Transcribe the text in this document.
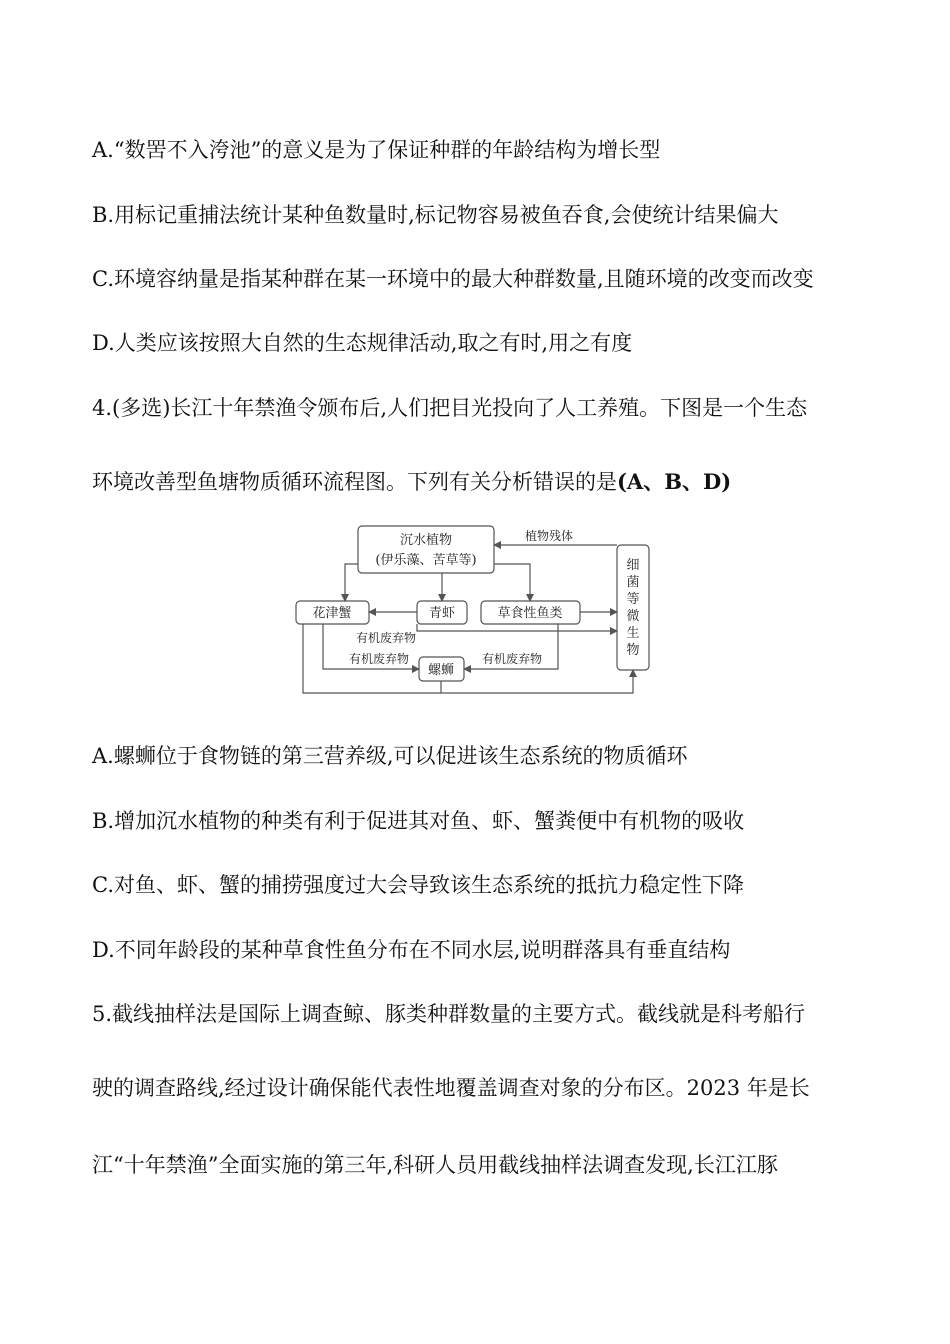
A.“数罟不入洿池”的意义是为了保证种群的年龄结构为增长型
B.用标记重捕法统计某种鱼数量时,标记物容易被鱼吞食,会使统计结果偏大
C.环境容纳量是指某种群在某一环境中的最大种群数量,且随环境的改变而改变
D.人类应该按照大自然的生态规律活动,取之有时,用之有度
4.(多选)长江十年禁渔令颁布后,人们把目光投向了人工养殖。下图是一个生态
环境改善型鱼塘物质循环流程图。下列有关分析错误的是(A、B、D)
沉水植物
(伊乐藻、苦草等)
花津蟹	青虾	草食性鱼类
螺蛳
细
菌
等
微
生
物
植物残体
有机废弃物
有机废弃物	有机废弃物
A.螺蛳位于食物链的第三营养级,可以促进该生态系统的物质循环
B.增加沉水植物的种类有利于促进其对鱼、虾、蟹粪便中有机物的吸收
C.对鱼、虾、蟹的捕捞强度过大会导致该生态系统的抵抗力稳定性下降
D.不同年龄段的某种草食性鱼分布在不同水层,说明群落具有垂直结构
5.截线抽样法是国际上调查鲸、豚类种群数量的主要方式。截线就是科考船行
驶的调查路线,经过设计确保能代表性地覆盖调查对象的分布区。2023 年是长
江“十年禁渔”全面实施的第三年,科研人员用截线抽样法调查发现,长江江豚
